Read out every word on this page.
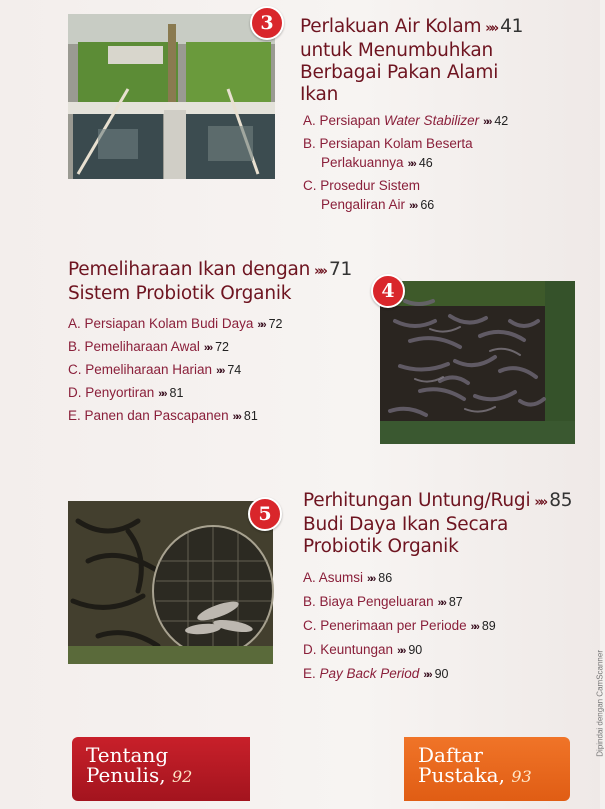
3	Perlakuan Air Kolam »» 41
untuk Menumbuhkan
Berbagai Pakan Alami
Ikan
A. Persiapan Water Stabilizer »» 42
B. Persiapan Kolam Beserta
Perlakuannya »» 46
C. Prosedur Sistem
Pengaliran Air »» 66
Pemeliharaan Ikan dengan »» 71
Sistem Probiotik Organik
A. Persiapan Kolam Budi Daya »» 72
B. Pemeliharaan Awal »» 72
C. Pemeliharaan Harian »» 74
D. Penyortiran »» 81
E. Panen dan Pascapanen »» 81
4
5
Perhitungan Untung/Rugi »» 85
Budi Daya Ikan Secara
Probiotik Organik
A. Asumsi »» 86
B. Biaya Pengeluaran »» 87
C. Penerimaan per Periode »» 89
D. Keuntungan »» 90
E. Pay Back Period »» 90
Tentang
Penulis, 92
Daftar
Pustaka, 93
Dipindai dengan CamScanner
